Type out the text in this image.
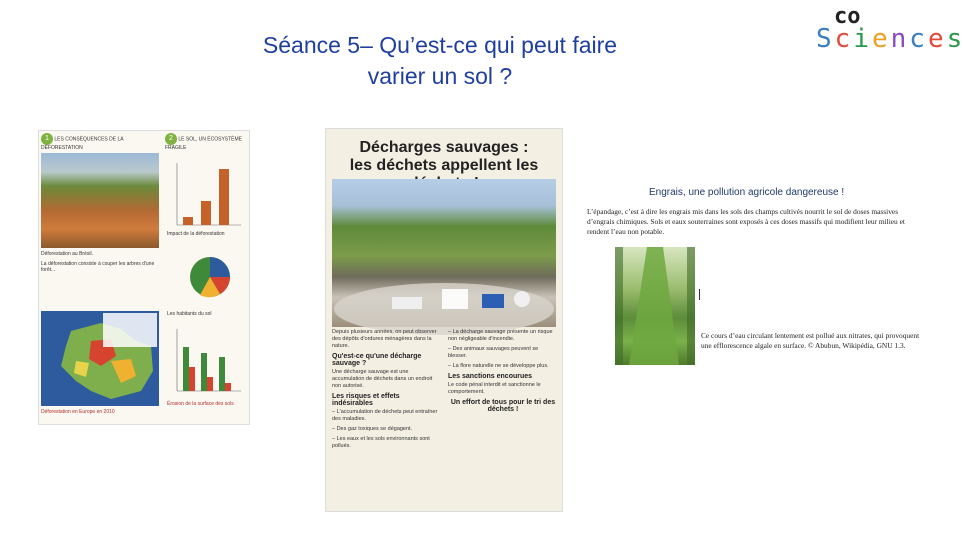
Séance 5– Qu’est-ce qui peut faire
varier un sol ?
co
Sciences
1 LES CONSÉQUENCES DE LA DÉFORESTATION
Déforestation au Brésil.
La déforestation consiste à couper les arbres d'une forêt...
Déforestation en Europe en 2010
2 LE SOL, UN ÉCOSYSTÈME FRAGILE
Impact de la déforestation
Les habitants du sol
Érosion de la surface des sols
Décharges sauvages :
les déchets appellent les

Depuis plusieurs années, on peut observer des dépôts d'ordures ménagères dans la nature.

Qu'est-ce qu'une décharge sauvage ?

Une décharge sauvage est une accumulation de déchets dans un endroit non autorisé.

Les risques et effets indésirables

– L'accumulation de déchets peut entraîner des maladies.

– Des gaz toxiques se dégagent.

– Les eaux et les sols environnants sont pollués.

– La décharge sauvage présente un risque non négligeable d'incendie.

– Des animaux sauvages peuvent se blesser.

– La flore naturelle ne se développe plus.

Les sanctions encourues

Le code pénal interdit et sanctionne le comportement.

Un effort de tous pour le tri des déchets !
Engrais, une pollution agricole dangereuse !
L’épandage, c’est à dire les engrais mis dans les sols des champs cultivés nourrit le sol de doses massives d’engrais chimiques. Sols et eaux souterraines sont exposés à ces doses massifs qui modifient leur milieu et rendent l’eau non potable.
Ce cours d’eau circulant lentement est pollué aux nitrates, qui provoquent une efflorescence algale en surface. © Abubun, Wikipédia, GNU 1.3.
